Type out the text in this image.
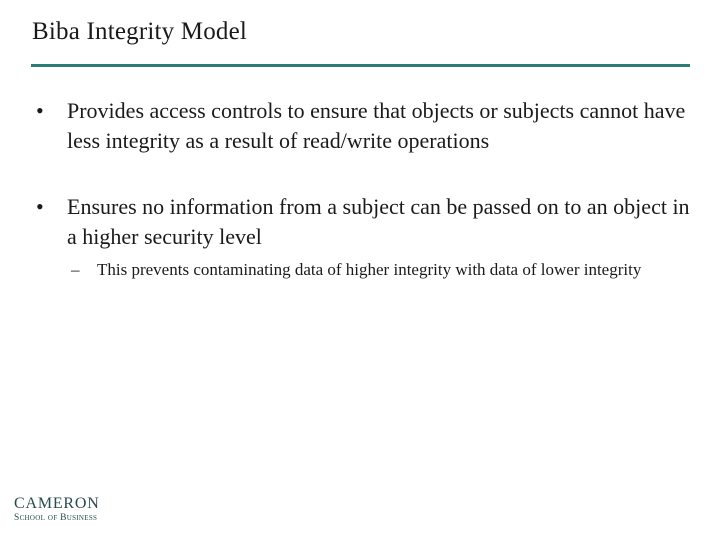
Biba Integrity Model
• Provides access controls to ensure that objects or subjects cannot have less integrity as a result of read/write operations
• Ensures no information from a subject can be passed on to an object in a higher security level
– This prevents contaminating data of higher integrity with data of lower integrity
CAMERON
School of Business
